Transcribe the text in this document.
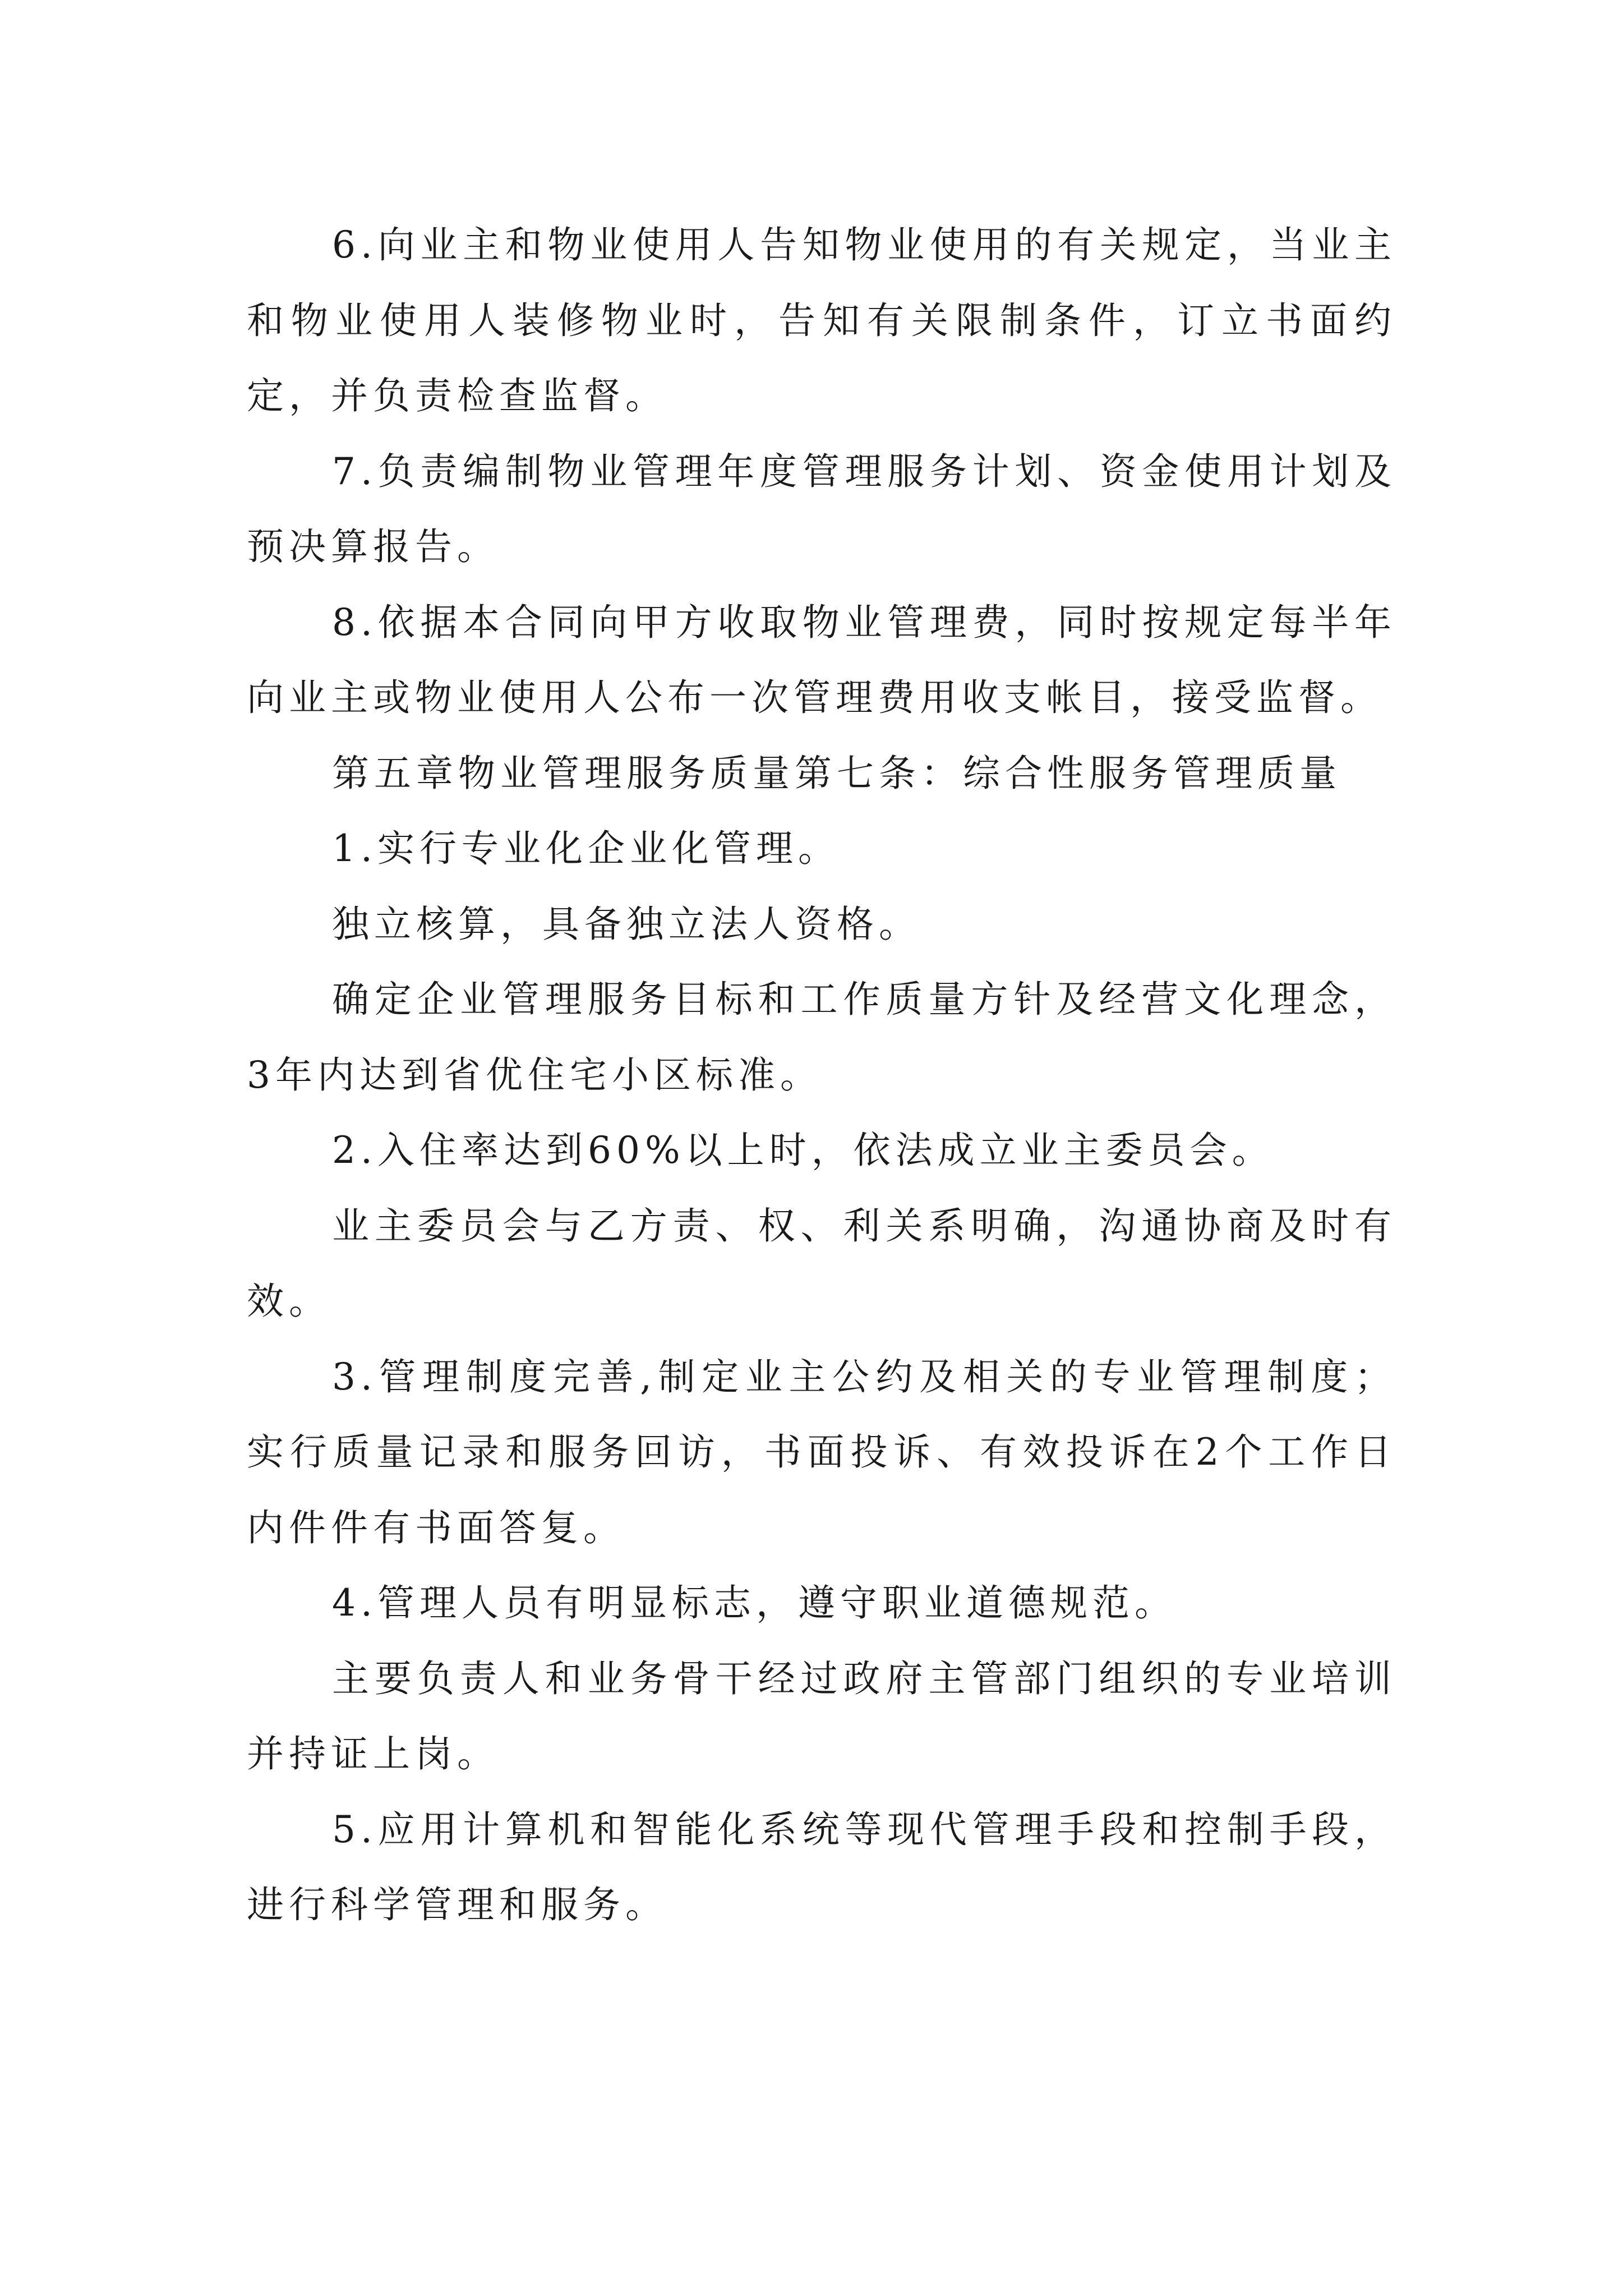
6.向业主和物业使用人告知物业使用的有关规定，当业主和物业使用人装修物业时，告知有关限制条件，订立书面约定，并负责检查监督。

7.负责编制物业管理年度管理服务计划、资金使用计划及预决算报告。

8.依据本合同向甲方收取物业管理费，同时按规定每半年向业主或物业使用人公布一次管理费用收支帐目，接受监督。

第五章物业管理服务质量第七条：综合性服务管理质量

1.实行专业化企业化管理。

独立核算，具备独立法人资格。

确定企业管理服务目标和工作质量方针及经营文化理念，3年内达到省优住宅小区标准。

2.入住率达到60%以上时，依法成立业主委员会。

业主委员会与乙方责、权、利关系明确，沟通协商及时有效。

3.管理制度完善,制定业主公约及相关的专业管理制度；实行质量记录和服务回访，书面投诉、有效投诉在2个工作日内件件有书面答复。

4.管理人员有明显标志，遵守职业道德规范。

主要负责人和业务骨干经过政府主管部门组织的专业培训并持证上岗。

5.应用计算机和智能化系统等现代管理手段和控制手段，进行科学管理和服务。
